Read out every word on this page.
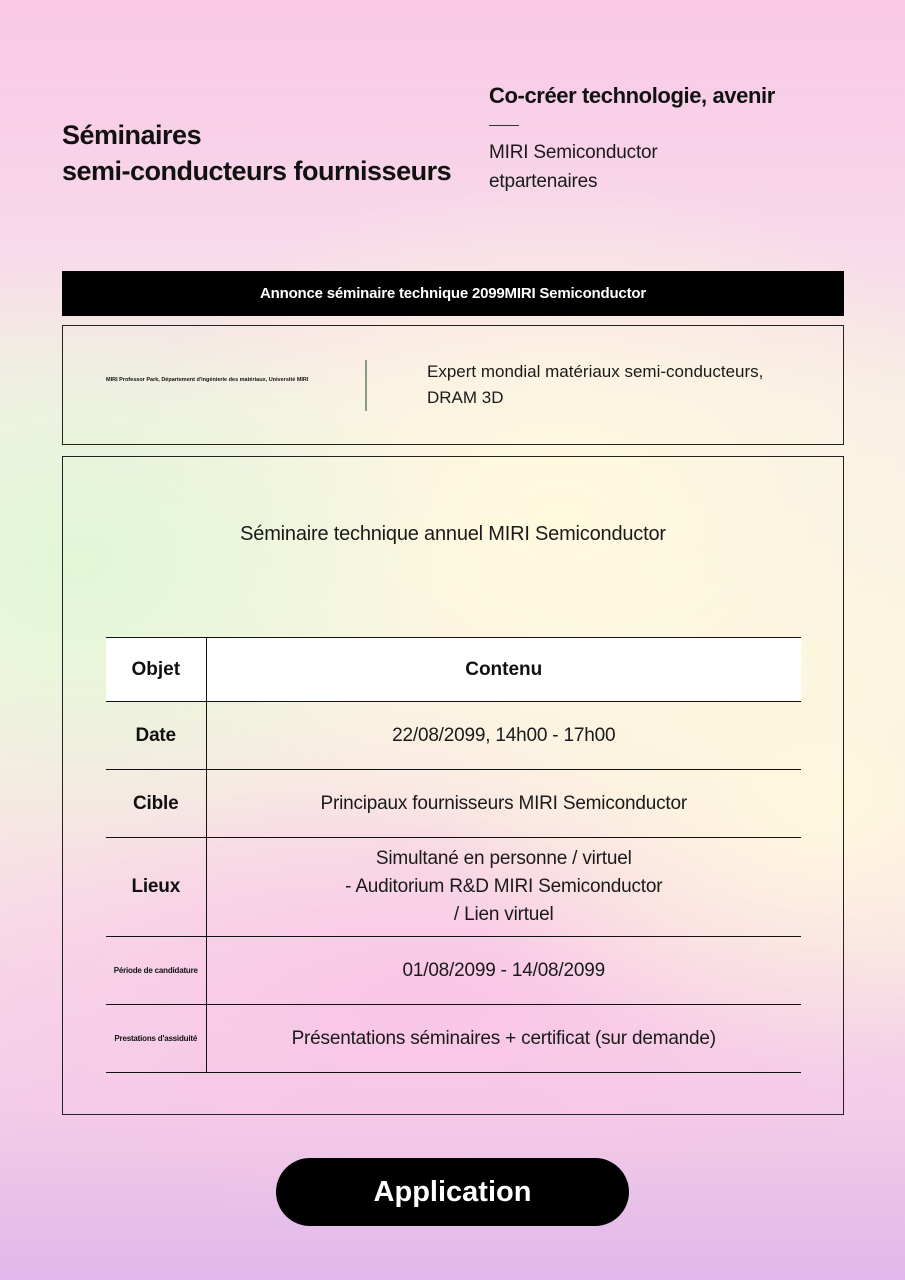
Séminaires
semi-conducteurs fournisseurs
Co-créer technologie, avenir
MIRI Semiconductor
etpartenaires
Annonce séminaire technique 2099MIRI Semiconductor
MIRI Professor Park, Département d'ingénierie des matériaux, Université MIRI	Expert mondial matériaux semi-conducteurs, DRAM 3D
Séminaire technique annuel MIRI Semiconductor
Objet	Contenu
Date	22/08/2099, 14h00 - 17h00
Cible	Principaux fournisseurs MIRI Semiconductor
Lieux	Simultané en personne / virtuel
- Auditorium R&D MIRI Semiconductor
/ Lien virtuel

Période de candidature	01/08/2099 - 14/08/2099
Prestations d'assiduité	Présentations séminaires + certificat (sur demande)
Application
